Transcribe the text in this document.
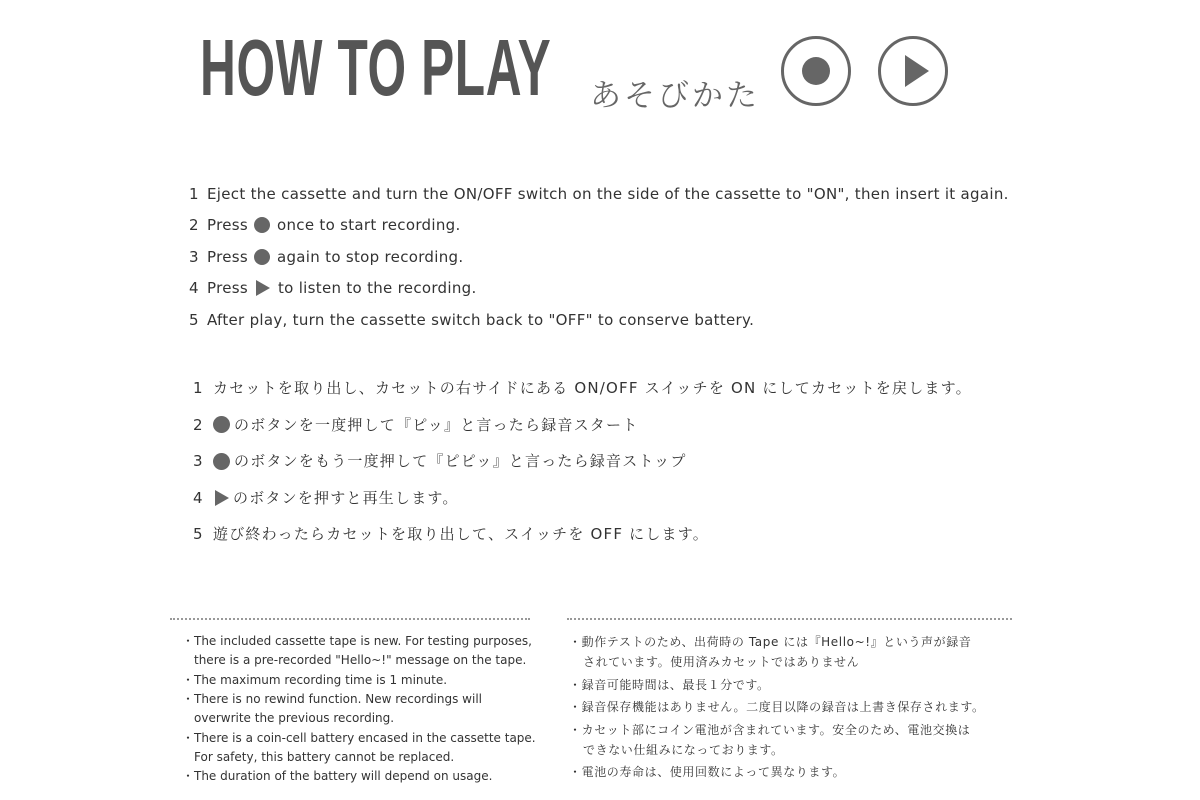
HOW TO PLAY あそびかた
1 Eject the cassette and turn the ON/OFF switch on the side of the cassette to "ON", then insert it again.
2 Press once to start recording.
3 Press again to stop recording.
4 Press to listen to the recording.
5 After play, turn the cassette switch back to "OFF" to conserve battery.
1 カセットを取り出し、カセットの右サイドにある ON/OFF スイッチを ON にしてカセットを戻します。
2	のボタンを一度押して『ピッ』と言ったら録音スタート
3	のボタンをもう一度押して『ピピッ』と言ったら録音ストップ
4	のボタンを押すと再生します。
5 遊び終わったらカセットを取り出して、スイッチを OFF にします。
・The included cassette tape is new. For testing purposes,
there is a pre-recorded "Hello~!" message on the tape.
・The maximum recording time is 1 minute.
・There is no rewind function. New recordings will
overwrite the previous recording.
・There is a coin-cell battery encased in the cassette tape.
For safety, this battery cannot be replaced.
・The duration of the battery will depend on usage.
・動作テストのため、出荷時の Tape には『Hello~!』という声が録音
されています。使用済みカセットではありません
・録音可能時間は、最長１分です。
・録音保存機能はありません。二度目以降の録音は上書き保存されます。
・カセット部にコイン電池が含まれています。安全のため、電池交換は
できない仕組みになっております。
・電池の寿命は、使用回数によって異なります。
